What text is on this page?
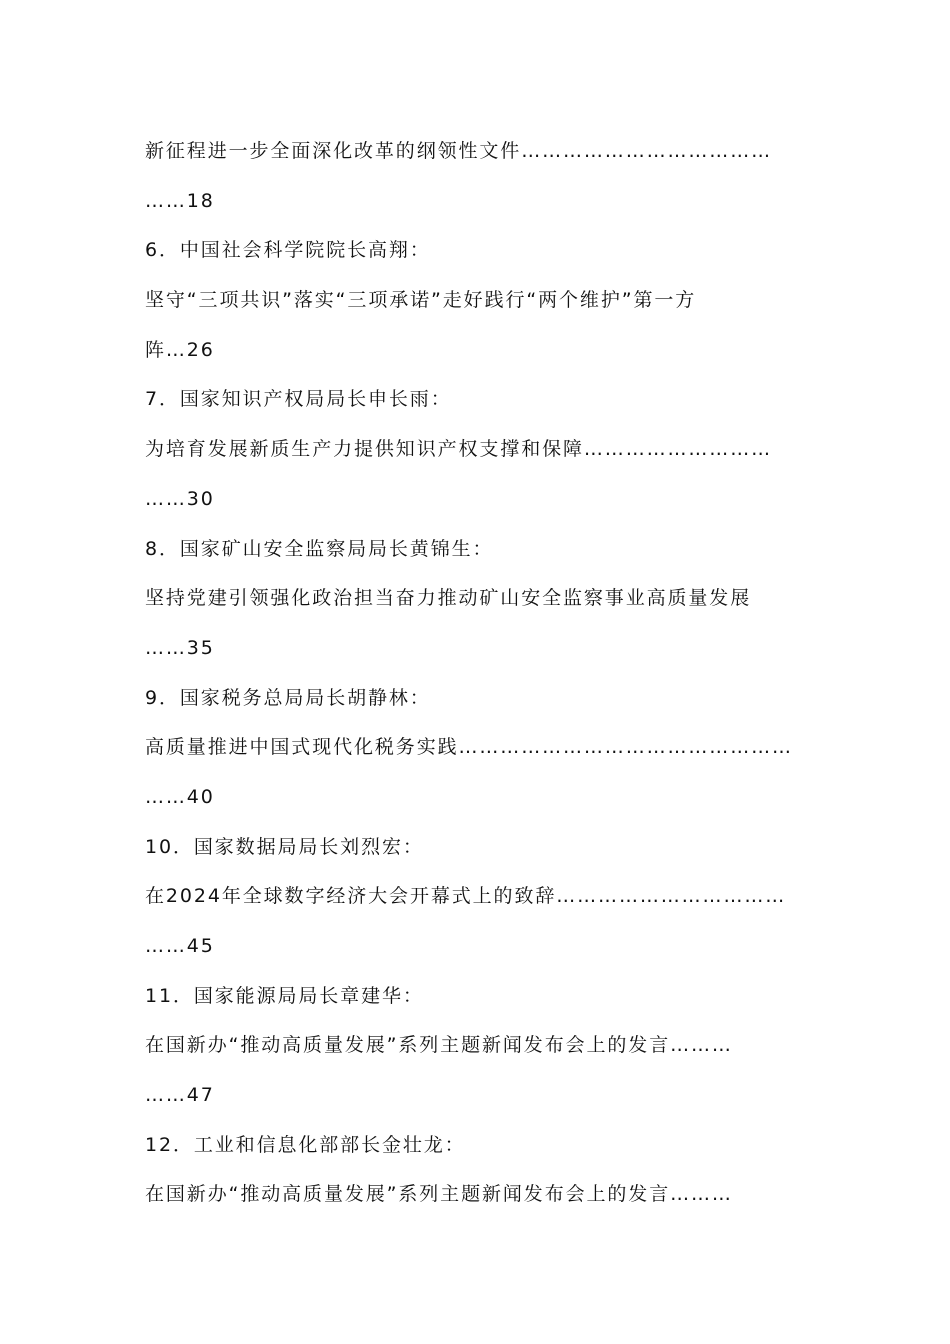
新征程进一步全面深化改革的纲领性文件………………………………
……18
6．中国社会科学院院长高翔：
坚守“三项共识”落实“三项承诺”走好践行“两个维护”第一方
阵…26
7．国家知识产权局局长申长雨：
为培育发展新质生产力提供知识产权支撑和保障………………………
……30
8．国家矿山安全监察局局长黄锦生：
坚持党建引领强化政治担当奋力推动矿山安全监察事业高质量发展
……35
9．国家税务总局局长胡静林：
高质量推进中国式现代化税务实践…………………………………………
……40
10．国家数据局局长刘烈宏：
在2024年全球数字经济大会开幕式上的致辞……………………………
……45
11．国家能源局局长章建华：
在国新办“推动高质量发展”系列主题新闻发布会上的发言………
……47
12．工业和信息化部部长金壮龙：
在国新办“推动高质量发展”系列主题新闻发布会上的发言………
